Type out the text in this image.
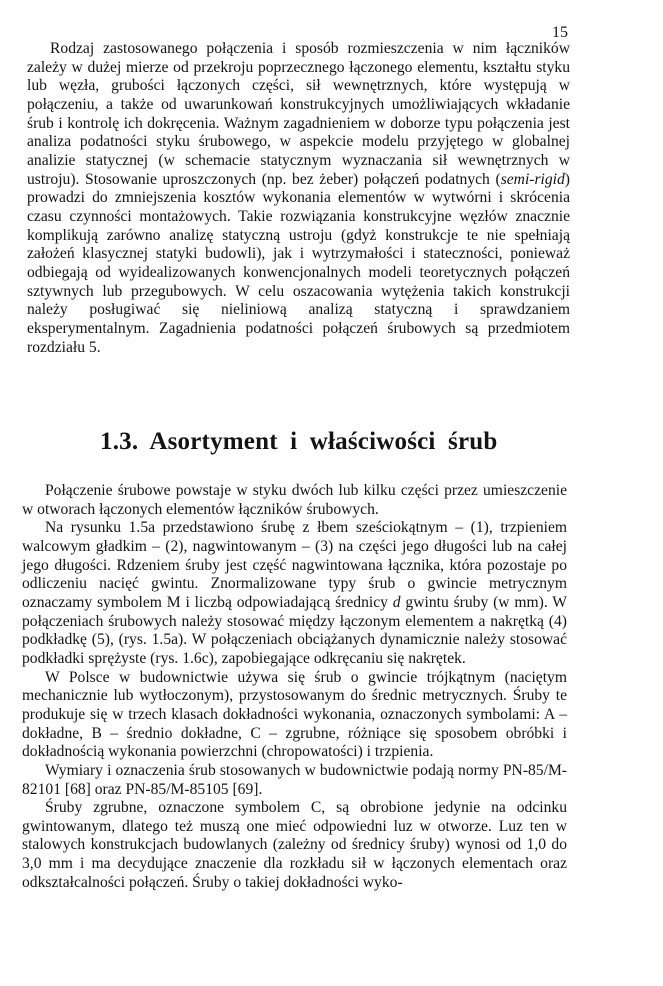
15

Rodzaj zastosowanego połączenia i sposób rozmieszczenia w nim łączników zależy w dużej mierze od przekroju poprzecznego łączonego elementu, kształtu styku lub węzła, grubości łączonych części, sił wewnętrznych, które występują w połączeniu, a także od uwarunkowań konstrukcyjnych umożliwiających wkładanie śrub i kontrolę ich dokręcenia. Ważnym zagadnieniem w doborze typu połączenia jest analiza podatności styku śrubowego, w aspekcie modelu przyjętego w globalnej analizie statycznej (w schemacie statycznym wyznaczania sił wewnętrznych w ustroju). Stosowanie uproszczonych (np. bez żeber) połączeń podatnych (semi-rigid) prowadzi do zmniejszenia kosztów wykonania elementów w wytwórni i skrócenia czasu czynności montażowych. Takie rozwiązania konstrukcyjne węzłów znacznie komplikują zarówno analizę statyczną ustroju (gdyż konstrukcje te nie spełniają założeń klasycznej statyki budowli), jak i wytrzymałości i stateczności, ponieważ odbiegają od wyidealizowanych konwencjonalnych modeli teoretycznych połączeń sztywnych lub przegubowych. W celu oszacowania wytężenia takich konstrukcji należy posługiwać się nieliniową analizą statyczną i sprawdzaniem eksperymentalnym. Zagadnienia podatności połączeń śrubowych są przedmiotem rozdziału 5.

1.3. Asortyment i właściwości śrub

Połączenie śrubowe powstaje w styku dwóch lub kilku części przez umieszczenie w otworach łączonych elementów łączników śrubowych.

Na rysunku 1.5a przedstawiono śrubę z łbem sześciokątnym – (1), trzpieniem walcowym gładkim – (2), nagwintowanym – (3) na części jego długości lub na całej jego długości. Rdzeniem śruby jest część nagwintowana łącznika, która pozostaje po odliczeniu nacięć gwintu. Znormalizowane typy śrub o gwincie metrycznym oznaczamy symbolem M i liczbą odpowiadającą średnicy d gwintu śruby (w mm). W połączeniach śrubowych należy stosować między łączonym elementem a nakrętką (4) podkładkę (5), (rys. 1.5a). W połączeniach obciążanych dynamicznie należy stosować podkładki sprężyste (rys. 1.6c), zapobiegające odkręcaniu się nakrętek.

W Polsce w budownictwie używa się śrub o gwincie trójkątnym (naciętym mechanicznie lub wytłoczonym), przystosowanym do średnic metrycznych. Śruby te produkuje się w trzech klasach dokładności wykonania, oznaczonych symbolami: A – dokładne, B – średnio dokładne, C – zgrubne, różniące się sposobem obróbki i dokładnością wykonania powierzchni (chropowatości) i trzpienia.

Wymiary i oznaczenia śrub stosowanych w budownictwie podają normy PN-85/M-82101 [68] oraz PN-85/M-85105 [69].

Śruby zgrubne, oznaczone symbolem C, są obrobione jedynie na odcinku gwintowanym, dlatego też muszą one mieć odpowiedni luz w otworze. Luz ten w stalowych konstrukcjach budowlanych (zależny od średnicy śruby) wynosi od 1,0 do 3,0 mm i ma decydujące znaczenie dla rozkładu sił w łączonych elementach oraz odkształcalności połączeń. Śruby o takiej dokładności wyko-
